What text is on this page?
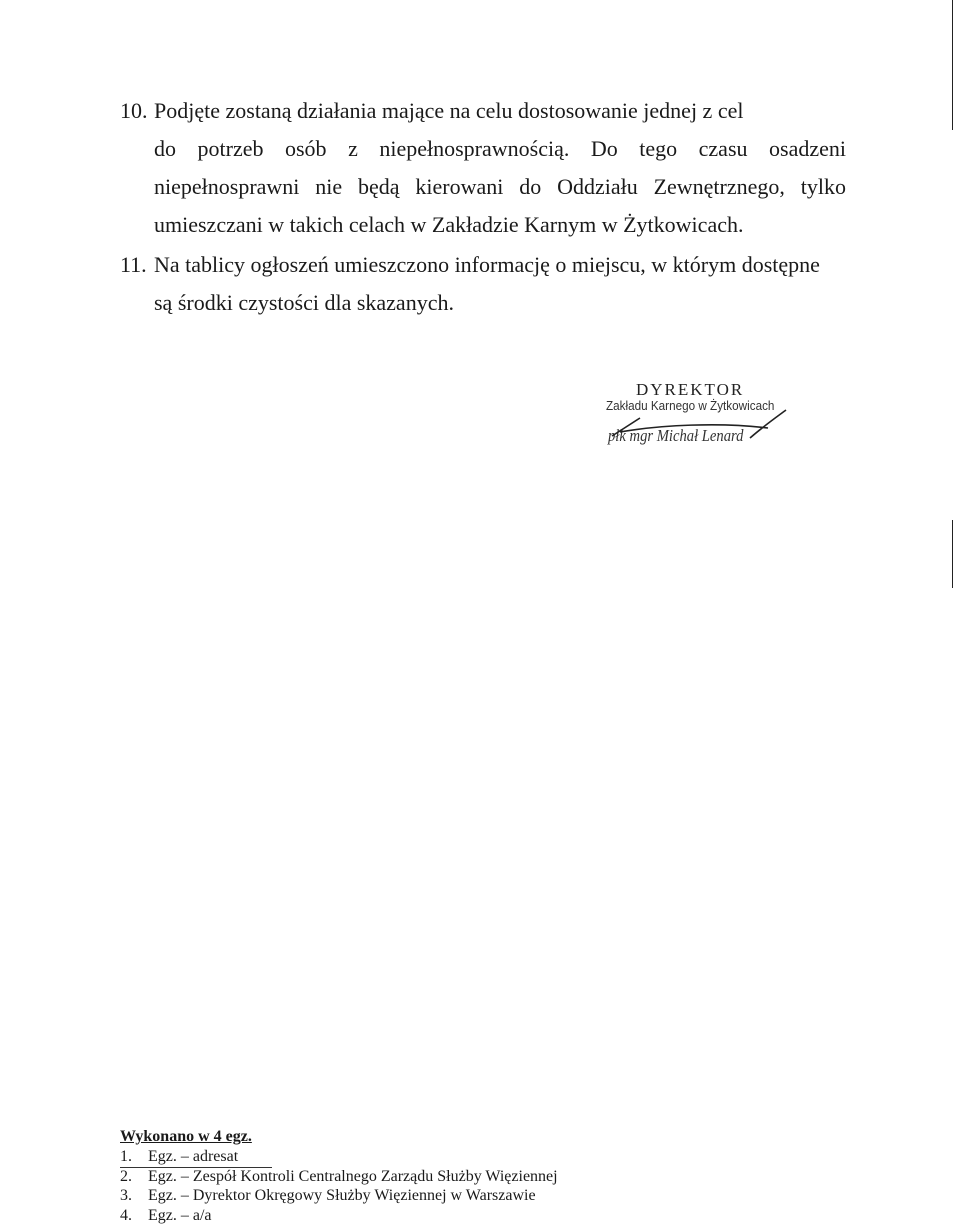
10. Podjęte zostaną działania mające na celu dostosowanie jednej z cel
do potrzeb osób z niepełnosprawnością. Do tego czasu osadzeni
niepełnosprawni nie będą kierowani do Oddziału Zewnętrznego, tylko
umieszczani w takich celach w Zakładzie Karnym w Żytkowicach.
11. Na tablicy ogłoszeń umieszczono informację o miejscu, w którym dostępne
są środki czystości dla skazanych.
DYREKTOR
Zakładu Karnego w Żytkowicach
płk mgr Michał Lenard
Wykonano w 4 egz.
1. Egz. – adresat
2. Egz. – Zespół Kontroli Centralnego Zarządu Służby Więziennej
3. Egz. – Dyrektor Okręgowy Służby Więziennej w Warszawie
4. Egz. – a/a
